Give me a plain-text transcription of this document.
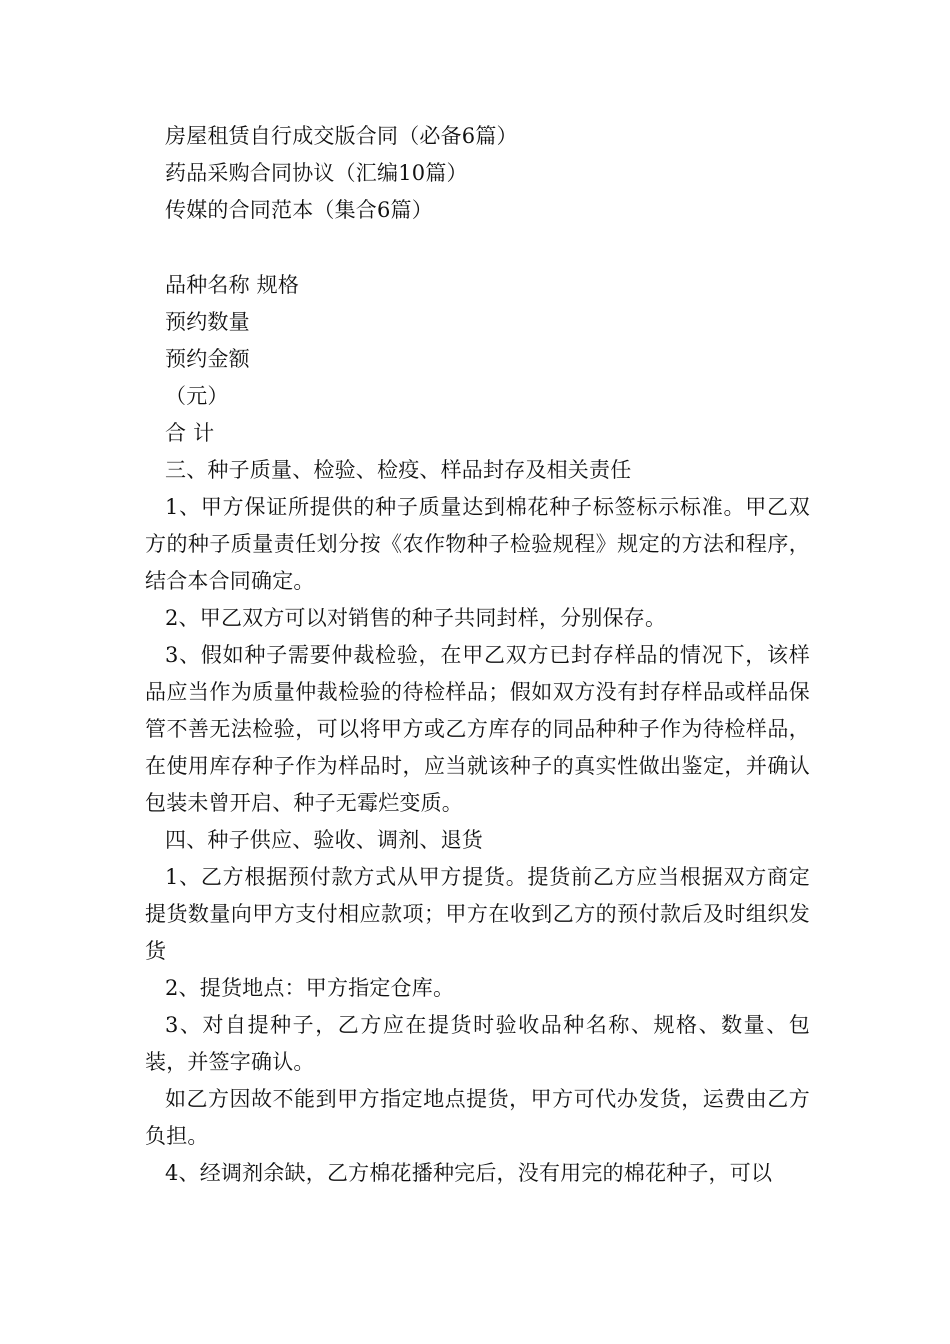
房屋租赁自行成交版合同（必备6篇）
药品采购合同协议（汇编10篇）
传媒的合同范本（集合6篇）
品种名称 规格
预约数量
预约金额
（元）
合 计
三、种子质量、检验、检疫、样品封存及相关责任
1、甲方保证所提供的种子质量达到棉花种子标签标示标准。甲乙双方的种子质量责任划分按《农作物种子检验规程》规定的方法和程序，结合本合同确定。
2、甲乙双方可以对销售的种子共同封样，分别保存。
3、假如种子需要仲裁检验，在甲乙双方已封存样品的情况下，该样品应当作为质量仲裁检验的待检样品；假如双方没有封存样品或样品保管不善无法检验，可以将甲方或乙方库存的同品种种子作为待检样品，在使用库存种子作为样品时，应当就该种子的真实性做出鉴定，并确认包装未曾开启、种子无霉烂变质。
四、种子供应、验收、调剂、退货
1、乙方根据预付款方式从甲方提货。提货前乙方应当根据双方商定提货数量向甲方支付相应款项；甲方在收到乙方的预付款后及时组织发货
2、提货地点：甲方指定仓库。
3、对自提种子，乙方应在提货时验收品种名称、规格、数量、包装，并签字确认。
如乙方因故不能到甲方指定地点提货，甲方可代办发货，运费由乙方负担。
4、经调剂余缺，乙方棉花播种完后，没有用完的棉花种子，可以
